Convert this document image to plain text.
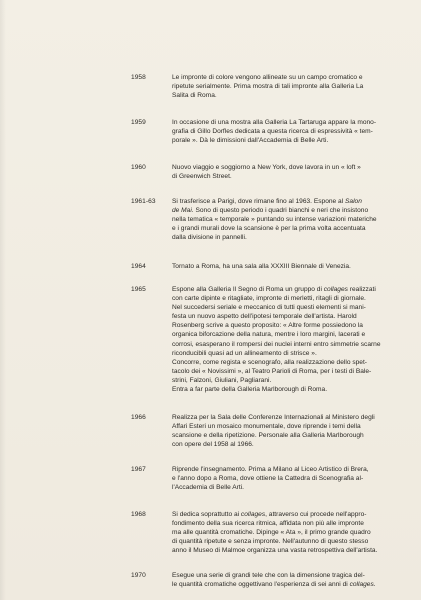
1958	Le impronte di colore vengono allineate su un campo cromatico e
ripetute serialmente. Prima mostra di tali impronte alla Galleria La
Salita di Roma.
1959	In occasione di una mostra alla Galleria La Tartaruga appare la mono-
grafia di Gillo Dorfles dedicata a questa ricerca di espressività « tem-
porale ». Dà le dimissioni dall'Accademia di Belle Arti.
1960	Nuovo viaggio e soggiorno a New York, dove lavora in un « loft »
di Greenwich Street.
1961-63 Si trasferisce a Parigi, dove rimane fino al 1963. Espone al Salon
de Mai. Sono di questo periodo i quadri bianchi e neri che insistono
nella tematica « temporale » puntando su intense variazioni materiche
e i grandi murali dove la scansione è per la prima volta accentuata
dalla divisione in pannelli.
1964	Tornato a Roma, ha una sala alla XXXIII Biennale di Venezia.
1965	Espone alla Galleria Il Segno di Roma un gruppo di collages realizzati
con carte dipinte e ritagliate, impronte di merletti, ritagli di giornale.
Nel succedersi seriale e meccanico di tutti questi elementi si mani-
festa un nuovo aspetto dell'ipotesi temporale dell'artista. Harold
Rosenberg scrive a questo proposito: « Altre forme possiedono la
organica biforcazione della natura, mentre i loro margini, lacerati e
corrosi, esasperano il rompersi dei nuclei interni entro simmetrie scarne
riconducibili quasi ad un allineamento di strisce ».
Concorre, come regista e scenografo, alla realizzazione dello spet-
tacolo dei « Novissimi », al Teatro Parioli di Roma, per i testi di Bale-
strini, Falzoni, Giuliani, Pagliarani.
Entra a far parte della Galleria Marlborough di Roma.
1966	Realizza per la Sala delle Conferenze Internazionali al Ministero degli
Affari Esteri un mosaico monumentale, dove riprende i temi della
scansione e della ripetizione. Personale alla Galleria Marlborough
con opere del 1958 al 1966.
1967	Riprende l'insegnamento. Prima a Milano al Liceo Artistico di Brera,
e l'anno dopo a Roma, dove ottiene la Cattedra di Scenografia al-
l'Accademia di Belle Arti.
1968	Si dedica soprattutto ai collages, attraverso cui procede nell'appro-
fondimento della sua ricerca ritmica, affidata non più alle impronte
ma alle quantità cromatiche. Dipinge « Ata », il primo grande quadro
di quantità ripetute e senza impronte. Nell'autunno di questo stesso
anno il Museo di Malmoe organizza una vasta retrospettiva dell'artista.
1970	Esegue una serie di grandi tele che con la dimensione tragica del-
le quantità cromatiche oggettivano l'esperienza di sei anni di collages.
